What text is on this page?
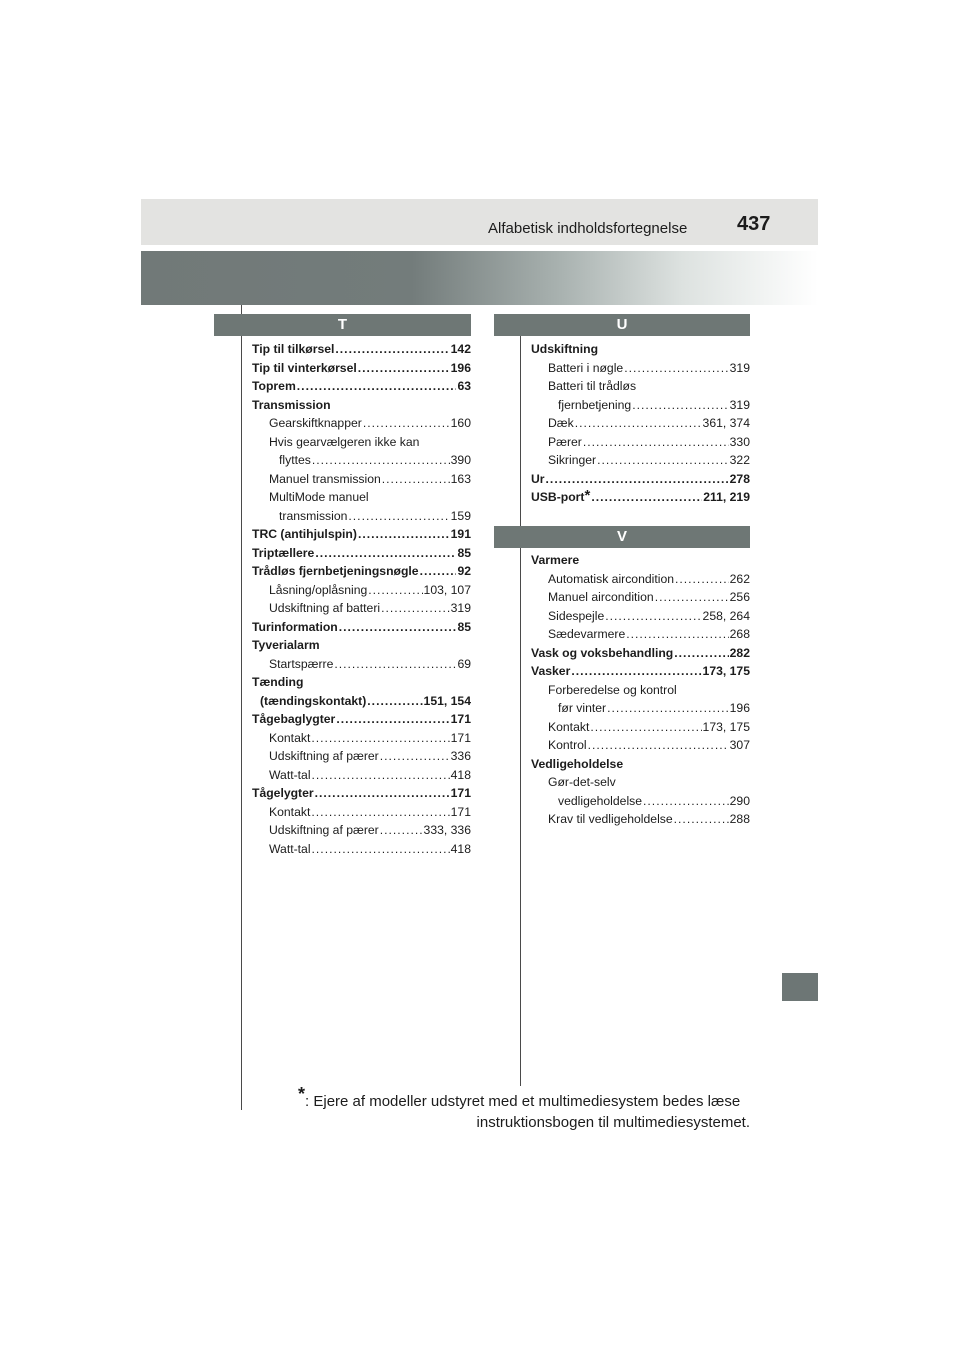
Alfabetisk indholdsfortegnelse 437
T	U
V
Tip til tilkørsel .....	142
Tip til vinterkørsel .....	196
Toprem .....	63
Transmission
Gearskiftknapper .....	160
Hvis gearvælgeren ikke kan
flyttes .....	390
Manuel transmission .....	163
MultiMode manuel
transmission .....	159
TRC (antihjulspin) .....	191
Triptællere .....	85
Trådløs fjernbetjeningsnøgle .....	92
Låsning/oplåsning .....	103, 107
Udskiftning af batteri .....	319
Turinformation .....	85
Tyverialarm
Startspærre .....	69
Tænding
(tændingskontakt) .....	151, 154
Tågebaglygter .....	171
Kontakt .....	171
Udskiftning af pærer .....	336
Watt-tal .....	418
Tågelygter .....	171
Kontakt .....	171
Udskiftning af pærer .....	333, 336
Watt-tal .....	418
Udskiftning
Batteri i nøgle .....	319
Batteri til trådløs
fjernbetjening .....	319
Dæk .....	361, 374
Pærer .....	330
Sikringer .....	322
Ur .....	278
USB-port* .....	211, 219
Varmere
Automatisk aircondition .....	262
Manuel aircondition .....	256
Sidespejle .....	258, 264
Sædevarmere .....	268
Vask og voksbehandling .....	282
Vasker .....	173, 175
Forberedelse og kontrol
før vinter .....	196
Kontakt .....	173, 175
Kontrol .....	307
Vedligeholdelse
Gør-det-selv
vedligeholdelse .....	290
Krav til vedligeholdelse .....	288
*: Ejere af modeller udstyret med et multimediesystem bedes læse
instruktionsbogen til multimediesystemet.
